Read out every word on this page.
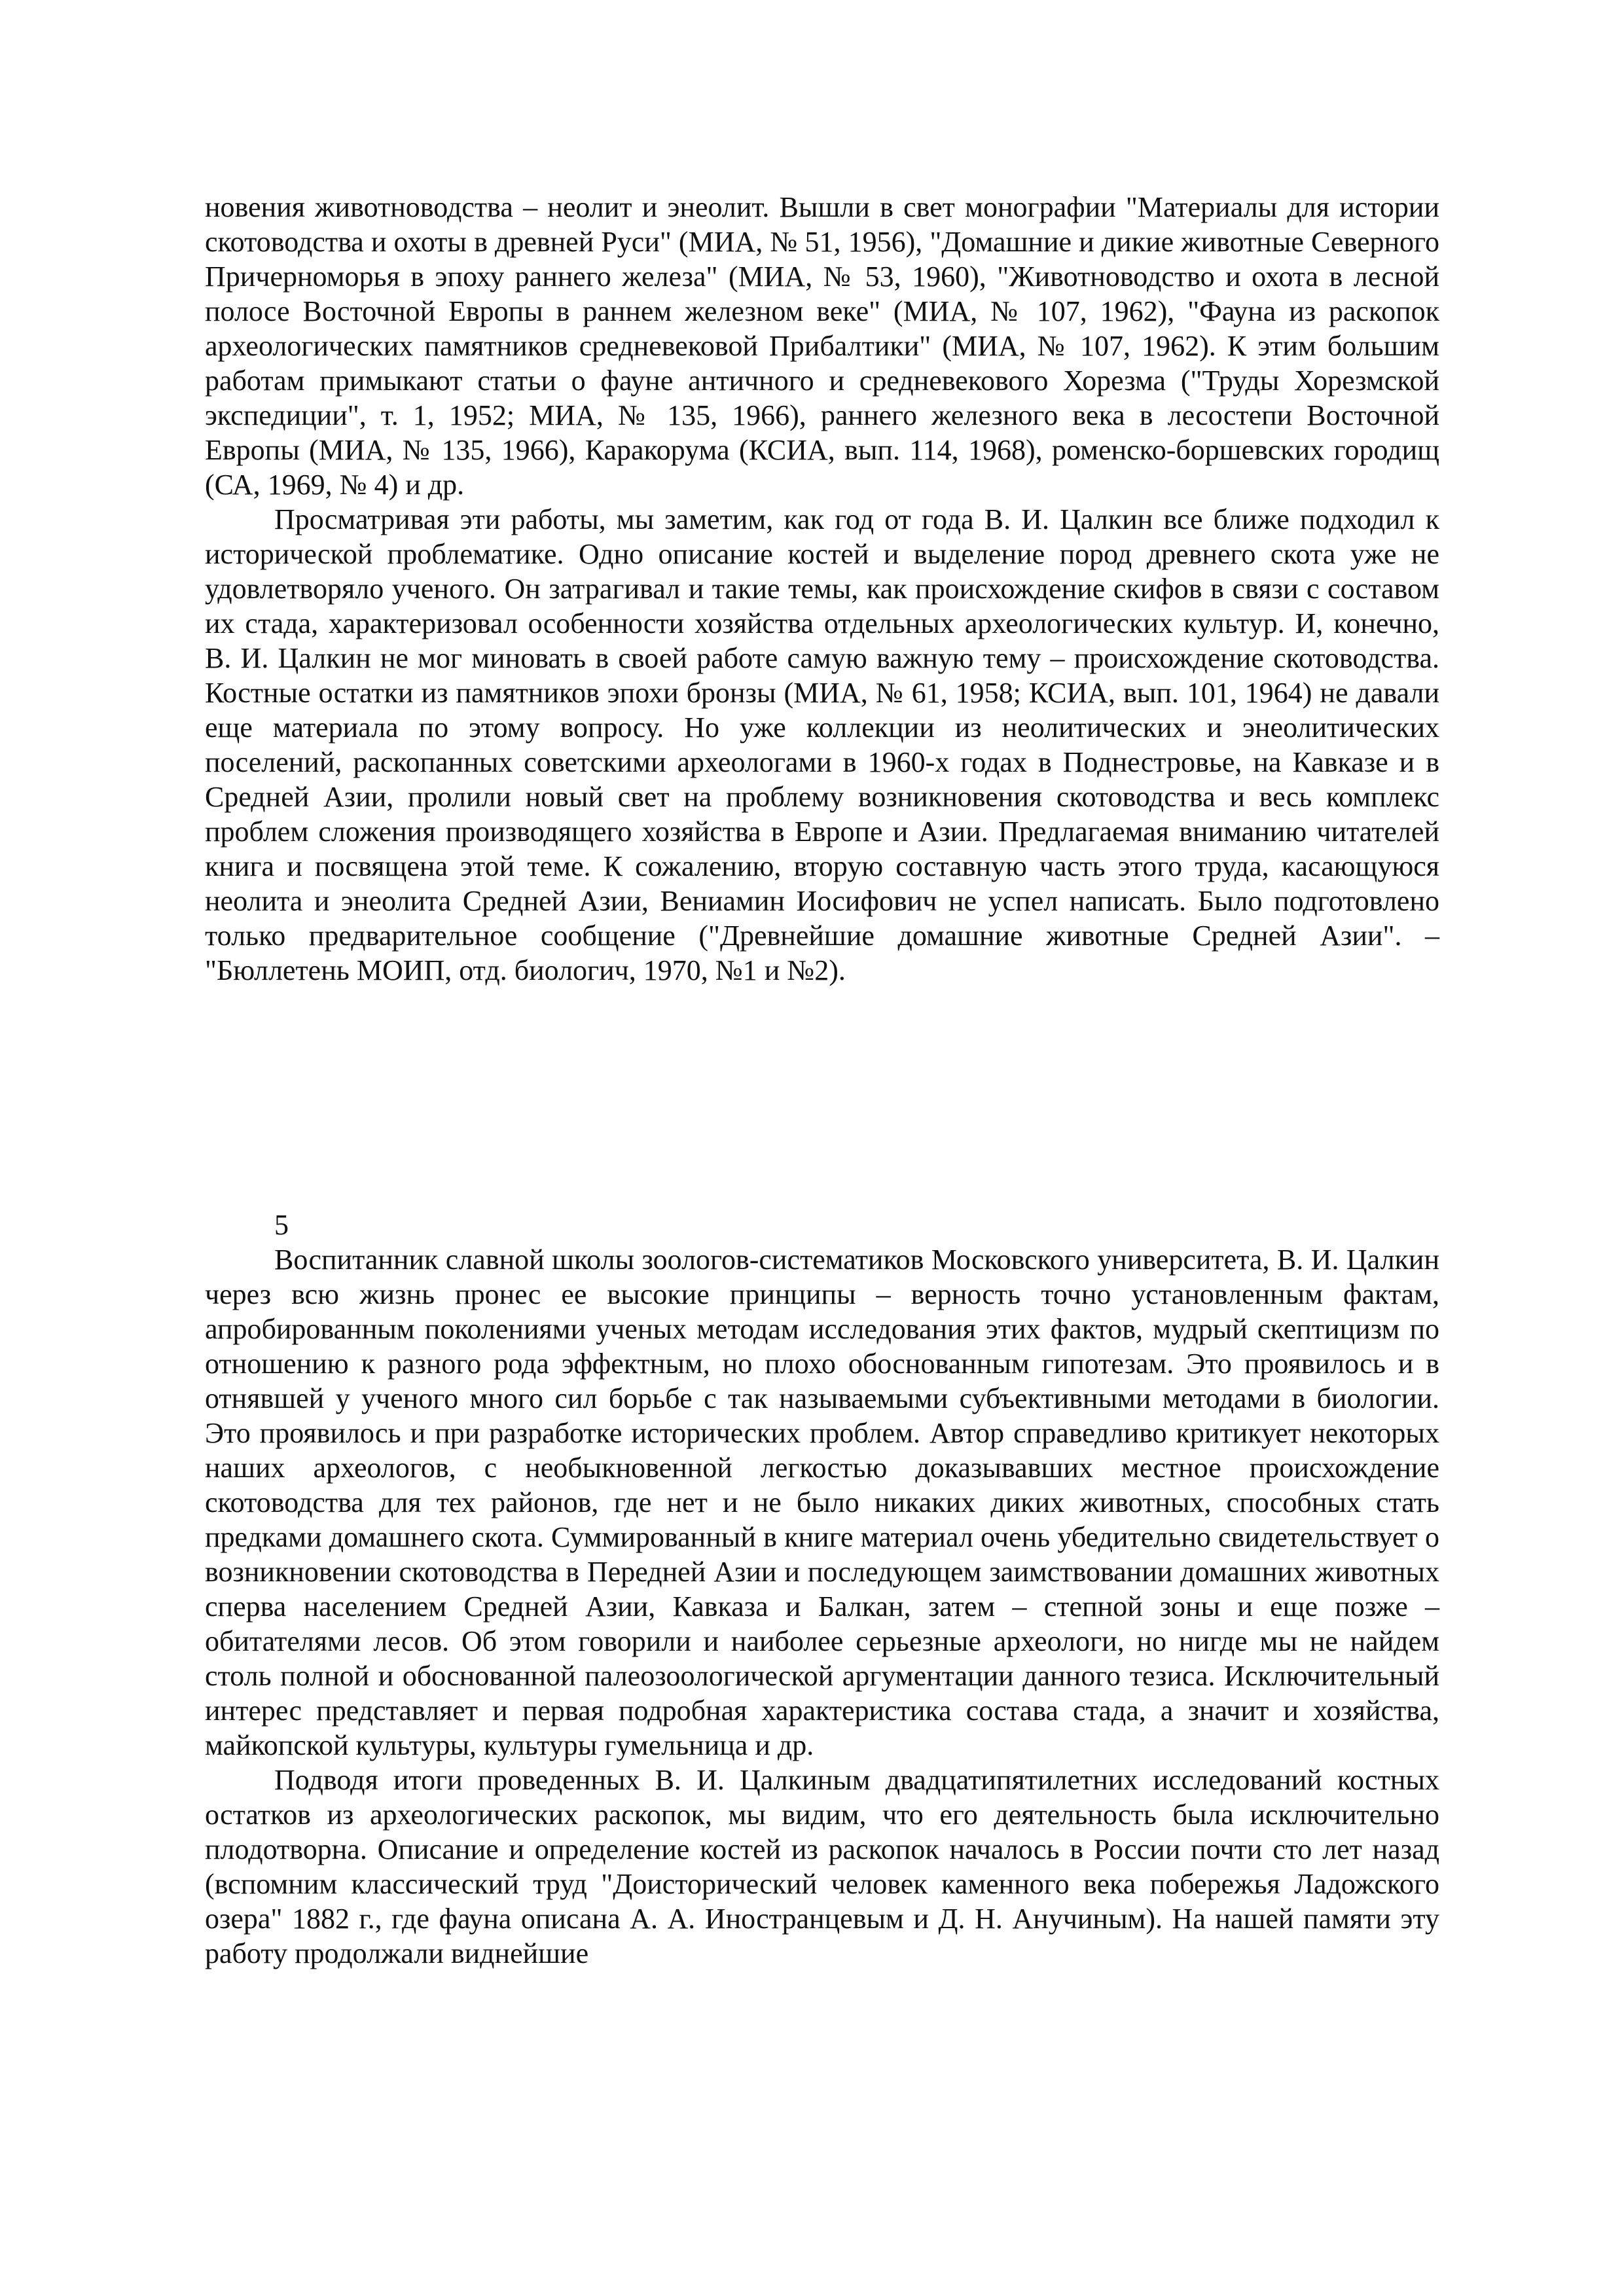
новения животноводства – неолит и энеолит. Вышли в свет монографии "Материалы для истории скотоводства и охоты в древней Руси" (МИА, № 51, 1956), "Домашние и дикие животные Северного Причерноморья в эпоху раннего железа" (МИА, № 53, 1960), "Животноводство и охота в лесной полосе Восточной Европы в раннем железном веке" (МИА, № 107, 1962), "Фауна из раскопок археологических памятников средневековой Прибалтики" (МИА, № 107, 1962). К этим большим работам примыкают статьи о фауне античного и средневекового Хорезма ("Труды Хорезмской экспедиции", т. 1, 1952; МИА, № 135, 1966), раннего железного века в лесостепи Восточной Европы (МИА, № 135, 1966), Каракорума (КСИА, вып. 114, 1968), роменско-боршевских городищ (СА, 1969, № 4) и др.

Просматривая эти работы, мы заметим, как год от года В. И. Цалкин все ближе подходил к исторической проблематике. Одно описание костей и выделение пород древнего скота уже не удовлетворяло ученого. Он затрагивал и такие темы, как происхождение скифов в связи с составом их стада, характеризовал особенности хозяйства отдельных археологических культур. И, конечно, В. И. Цалкин не мог миновать в своей работе самую важную тему – происхождение скотоводства. Костные остатки из памятников эпохи бронзы (МИА, № 61, 1958; КСИА, вып. 101, 1964) не давали еще материала по этому вопросу. Но уже коллекции из неолитических и энеолитических поселений, раскопанных советскими археологами в 1960-х годах в Поднестровье, на Кавказе и в Средней Азии, пролили новый свет на проблему возникновения скотоводства и весь комплекс проблем сложения производящего хозяйства в Европе и Азии. Предлагаемая вниманию читателей книга и посвящена этой теме. К сожалению, вторую составную часть этого труда, касающуюся неолита и энеолита Средней Азии, Вениамин Иосифович не успел написать. Было подготовлено только предварительное сообщение ("Древнейшие домашние животные Средней Азии". – "Бюллетень МОИП, отд. биологич, 1970, №1 и №2).

5

Воспитанник славной школы зоологов-систематиков Московского университета, В. И. Цалкин через всю жизнь пронес ее высокие принципы – верность точно установленным фактам, апробированным поколениями ученых методам исследования этих фактов, мудрый скептицизм по отношению к разного рода эффектным, но плохо обоснованным гипотезам. Это проявилось и в отнявшей у ученого много сил борьбе с так называемыми субъективными методами в биологии. Это проявилось и при разработке исторических проблем. Автор справедливо критикует некоторых наших археологов, с необыкновенной легкостью доказывавших местное происхождение скотоводства для тех районов, где нет и не было никаких диких животных, способных стать предками домашнего скота. Суммированный в книге материал очень убедительно свидетельствует о возникновении скотоводства в Передней Азии и последующем заимствовании домашних животных сперва населением Средней Азии, Кавказа и Балкан, затем – степной зоны и еще позже – обитателями лесов. Об этом говорили и наиболее серьезные археологи, но нигде мы не найдем столь полной и обоснованной палеозоологической аргументации данного тезиса. Исключительный интерес представляет и первая подробная характеристика состава стада, а значит и хозяйства, майкопской культуры, культуры гумельница и др.

Подводя итоги проведенных В. И. Цалкиным двадцатипятилетних исследований костных остатков из археологических раскопок, мы видим, что его деятельность была исключительно плодотворна. Описание и определение костей из раскопок началось в России почти сто лет назад (вспомним классический труд "Доисторический человек каменного века побережья Ладожского озера" 1882 г., где фауна описана А. А. Иностранцевым и Д. Н. Анучиным). На нашей памяти эту работу продолжали виднейшие
